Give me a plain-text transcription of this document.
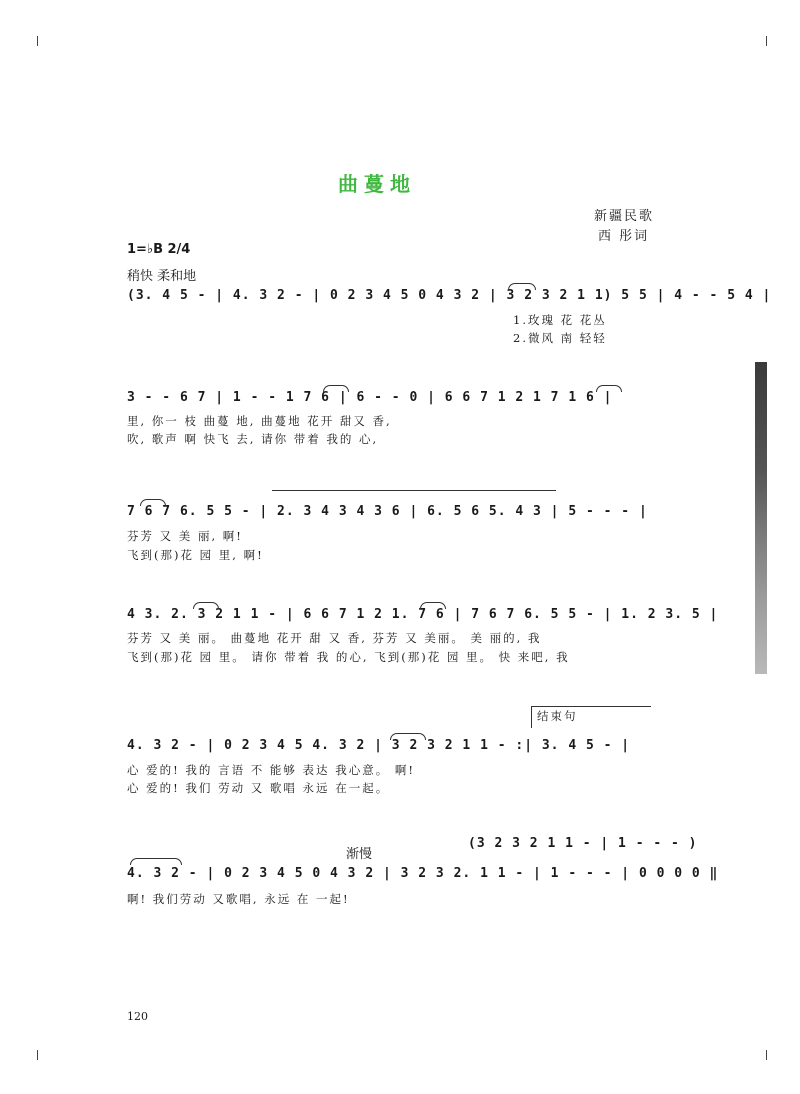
曲蔓地
新疆民歌
西 彤词
1=♭B 2/4
稍快 柔和地
(3. 4 5 - | 4. 3 2 - | 0 2 3 4 5 0 4 3 2 | 3 2 3 2 1 1) 5 5 | 4 - - 5 4 |
1.玫瑰 花 花丛
2.微风 南 轻轻
3 - - 6 7 | 1 - - 1 7 6 | 6 - - 0 | 6 6 7 1 2 1 7 1 6 |
里, 你一 枝 曲蔓 地, 曲蔓地 花开 甜又 香,
吹, 歌声 啊 快飞 去, 请你 带着 我的 心,
7 6 7 6. 5 5 - | 2. 3 4 3 4 3 6 | 6. 5 6 5. 4 3 | 5 - - - |
芬芳 又 美 丽, 啊!
飞到(那)花 园 里, 啊!
4 3. 2. 3 2 1 1 - | 6 6 7 1 2 1. 7 6 | 7 6 7 6. 5 5 - | 1. 2 3. 5 |
芬芳 又 美 丽。 曲蔓地 花开 甜 又 香, 芬芳 又 美丽。 美 丽的, 我
飞到(那)花 园 里。 请你 带着 我 的心, 飞到(那)花 园 里。 快 来吧, 我
结束句
4. 3 2 - | 0 2 3 4 5 4. 3 2 | 3 2 3 2 1 1 - :| 3. 4 5 - |
心 爱的! 我的 言语 不 能够 表达 我心意。 啊!
心 爱的! 我们 劳动 又 歌唱 永远 在一起。
(3 2 3 2 1 1 - | 1 - - - )
渐慢
4. 3 2 - | 0 2 3 4 5 0 4 3 2 | 3 2 3 2. 1 1 - | 1 - - - | 0 0 0 0 ‖
啊! 我们劳动 又歌唱, 永远 在 一起!
120
